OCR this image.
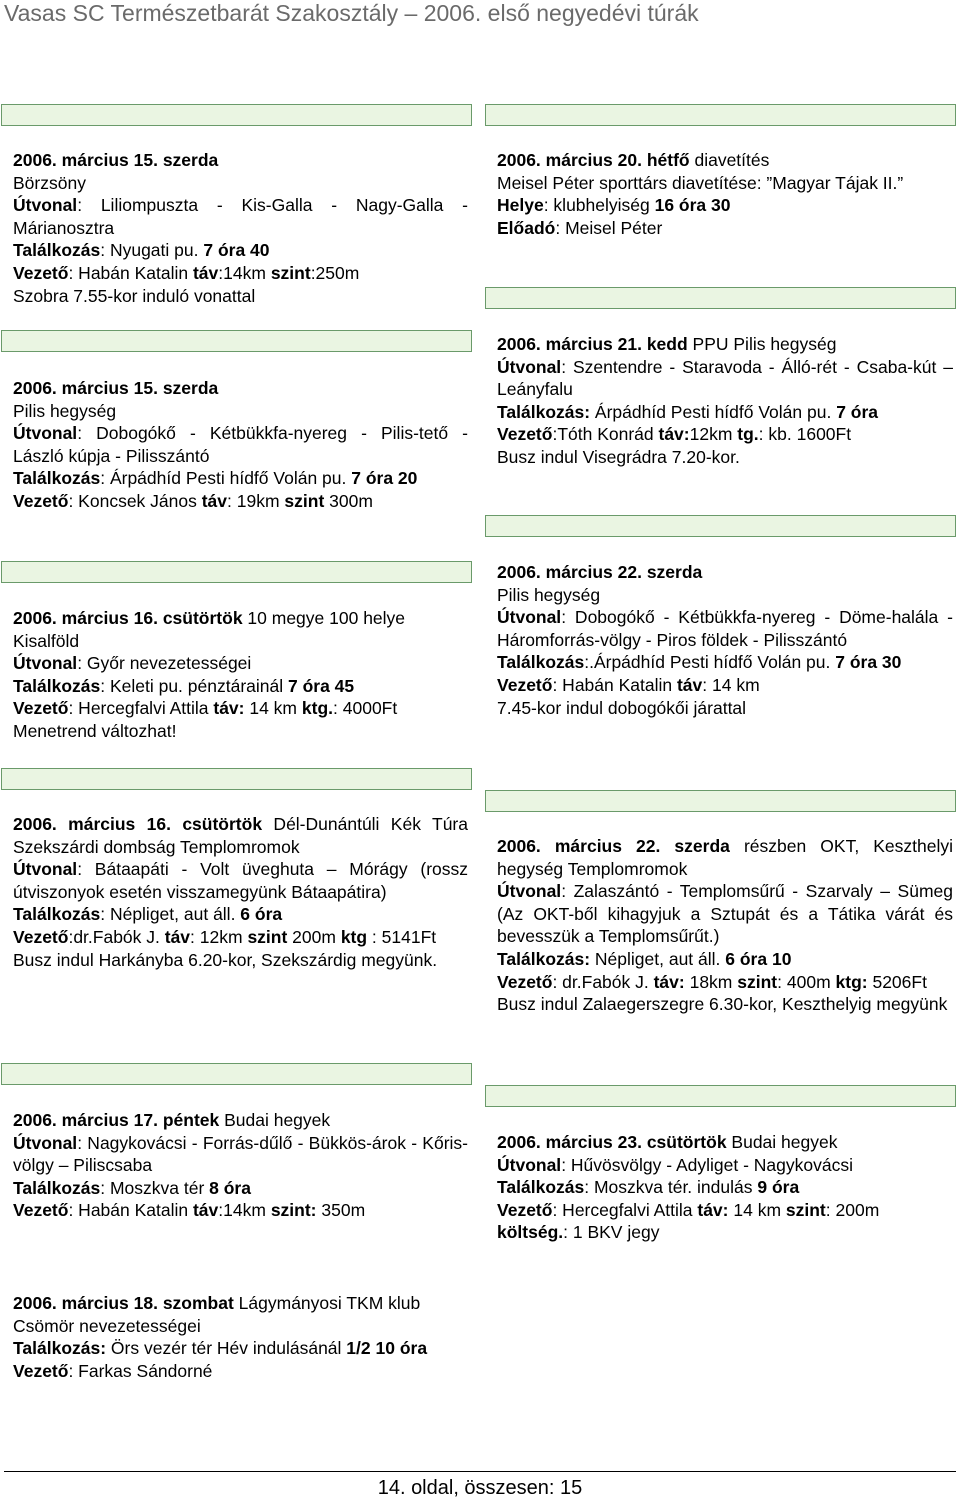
Vasas SC Természetbarát Szakosztály – 2006. első negyedévi túrák

2006. március 15. szerda

Börzsöny

Útvonal: Liliompuszta - Kis-Galla - Nagy-Galla - Márianosztra

Találkozás: Nyugati pu. 7 óra 40

Vezető: Habán Katalin táv:14km szint:250m

Szobra 7.55-kor induló vonattal

2006. március 15. szerda

Pilis hegység

Útvonal: Dobogókő - Kétbükkfa-nyereg - Pilis-tető - László kúpja - Pilisszántó

Találkozás: Árpádhíd Pesti hídfő Volán pu. 7 óra 20

Vezető: Koncsek János táv: 19km szint 300m

2006. március 16. csütörtök 10 megye 100 helye

Kisalföld

Útvonal: Győr nevezetességei

Találkozás: Keleti pu. pénztárainál 7 óra 45

Vezető: Hercegfalvi Attila táv: 14 km ktg.: 4000Ft

Menetrend változhat!

2006. március 16. csütörtök Dél-Dunántúli Kék Túra Szekszárdi dombság Templomromok

Útvonal: Bátaapáti - Volt üveghuta – Mórágy (rossz útviszonyok esetén visszamegyünk Bátaapátira)

Találkozás: Népliget, aut áll. 6 óra

Vezető:dr.Fabók J. táv: 12km szint 200m ktg : 5141Ft

Busz indul Harkányba 6.20-kor, Szekszárdig megyünk.

2006. március 17. péntek Budai hegyek

Útvonal: Nagykovácsi - Forrás-dűlő - Bükkös-árok - Kőris-völgy – Piliscsaba

Találkozás: Moszkva tér 8 óra

Vezető: Habán Katalin táv:14km szint: 350m

2006. március 18. szombat Lágymányosi TKM klub

Csömör nevezetességei

Találkozás: Örs vezér tér Hév indulásánál 1/2 10 óra

Vezető: Farkas Sándorné

2006. március 20. hétfő diavetítés

Meisel Péter sporttárs diavetítése: ”Magyar Tájak II.”

Helye: klubhelyiség 16 óra 30

Előadó: Meisel Péter

2006. március 21. kedd PPU Pilis hegység

Útvonal: Szentendre - Staravoda - Álló-rét - Csaba-kút – Leányfalu

Találkozás: Árpádhíd Pesti hídfő Volán pu. 7 óra

Vezető:Tóth Konrád táv:12km tg.: kb. 1600Ft

Busz indul Visegrádra 7.20-kor.

2006. március 22. szerda

Pilis hegység

Útvonal: Dobogókő - Kétbükkfa-nyereg - Döme-halála - Háromforrás-völgy - Piros földek - Pilisszántó

Találkozás:.Árpádhíd Pesti hídfő Volán pu. 7 óra 30

Vezető: Habán Katalin táv: 14 km

7.45-kor indul dobogókői járattal

2006. március 22. szerda részben OKT, Keszthelyi hegység Templomromok

Útvonal: Zalaszántó - Templomsűrű - Szarvaly – Sümeg (Az OKT-ből kihagyjuk a Sztupát és a Tátika várát és bevesszük a Templomsűrűt.)

Találkozás: Népliget, aut áll. 6 óra 10

Vezető: dr.Fabók J. táv: 18km szint: 400m ktg: 5206Ft

Busz indul Zalaegerszegre 6.30-kor, Keszthelyig megyünk

2006. március 23. csütörtök Budai hegyek

Útvonal: Hűvösvölgy - Adyliget - Nagykovácsi

Találkozás: Moszkva tér. indulás 9 óra

Vezető: Hercegfalvi Attila táv: 14 km szint: 200m

költség.: 1 BKV jegy

14. oldal, összesen: 15
